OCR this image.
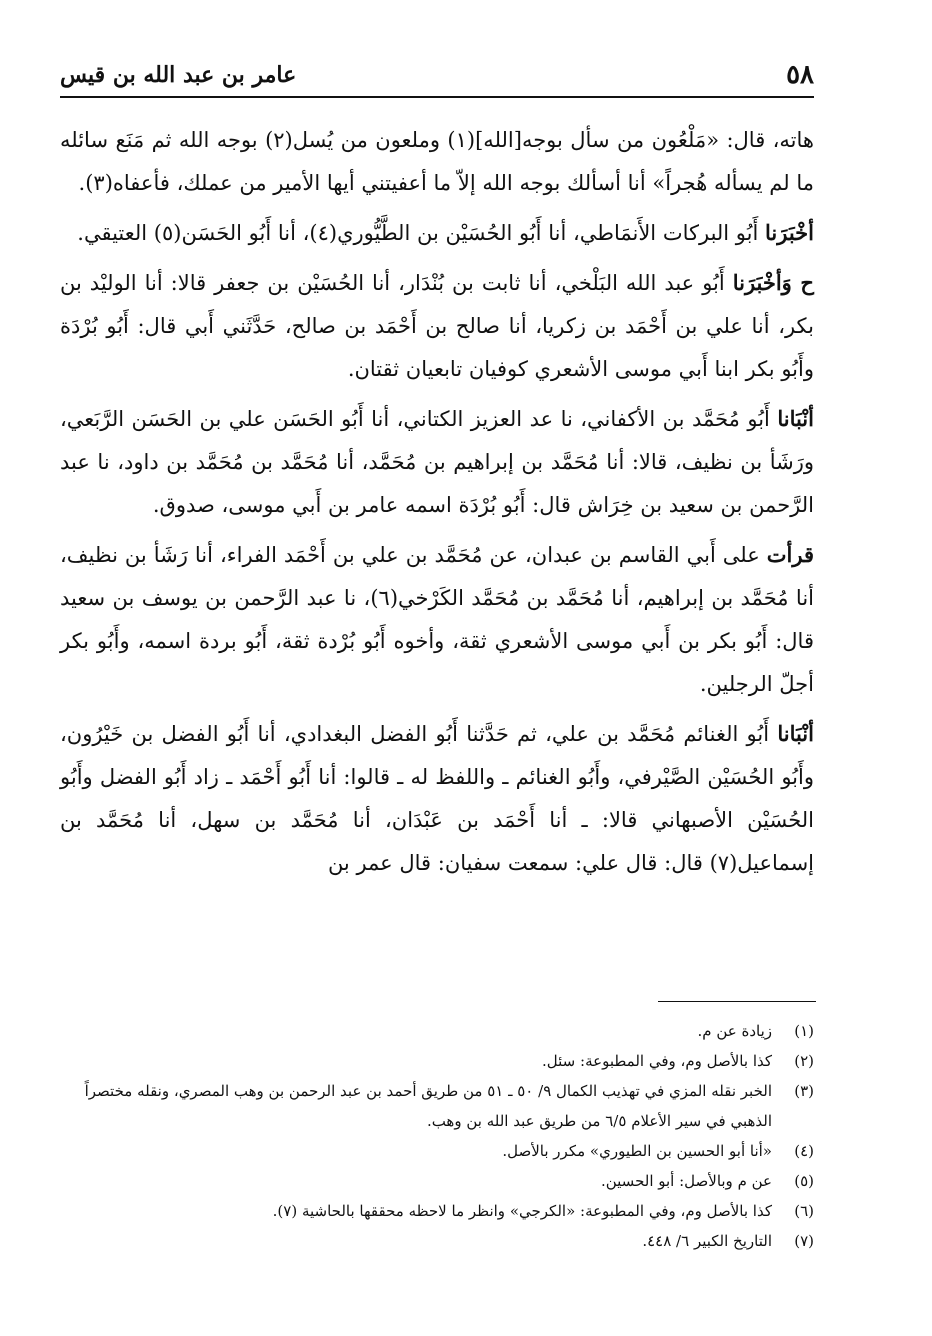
٥٨
عامر بن عبد الله بن قيس

هاته، قال: «مَلْعُون من سأل بوجه[الله](١) وملعون من يُسل(٢) بوجه الله ثم مَنَع سائله ما لم يسأله هُجراً» أنا أسألك بوجه الله إلاّ ما أعفيتني أيها الأمير من عملك، فأعفاه(٣).

أخْبَرَنا أَبُو البركات الأَنمَاطي، أنا أَبُو الحُسَيْن بن الطَّيُّوري(٤)، أنا أَبُو الحَسَن(٥) العتيقي.

ح وَأخْبَرَنا أَبُو عبد الله البَلْخي، أنا ثابت بن بُنْدَار، أنا الحُسَيْن بن جعفر قالا: أنا الوليْد بن بكر، أنا علي بن أَحْمَد بن زكريا، أنا صالح بن أَحْمَد بن صالح، حَدَّثَني أَبي قال: أَبُو بُرْدَة وأَبُو بكر ابنا أَبي موسى الأشعري كوفيان تابعيان ثقتان.

أنْبَانا أَبُو مُحَمَّد بن الأكفاني، نا عد العزيز الكتاني، أنا أَبُو الحَسَن علي بن الحَسَن الرَّبَعي، ورَشَأ بن نظيف، قالا: أنا مُحَمَّد بن إبراهيم بن مُحَمَّد، أنا مُحَمَّد بن مُحَمَّد بن داود، نا عبد الرَّحمن بن سعيد بن خِرَاش قال: أَبُو بُرْدَة اسمه عامر بن أَبي موسى، صدوق.

قرأت على أَبي القاسم بن عبدان، عن مُحَمَّد بن علي بن أَحْمَد الفراء، أنا رَشَأ بن نظيف، أنا مُحَمَّد بن إبراهيم، أنا مُحَمَّد بن مُحَمَّد الكَرْخي(٦)، نا عبد الرَّحمن بن يوسف بن سعيد قال: أَبُو بكر بن أَبي موسى الأشعري ثقة، وأخوه أَبُو بُرْدة ثقة، أَبُو بردة اسمه، وأَبُو بكر أجلّ الرجلين.

أنْبَانا أَبُو الغنائم مُحَمَّد بن علي، ثم حَدَّثنا أَبُو الفضل البغدادي، أنا أَبُو الفضل بن خَيْرُون، وأَبُو الحُسَيْن الصَّيْرفي، وأَبُو الغنائم ـ واللفظ له ـ قالوا: أنا أَبُو أَحْمَد ـ زاد أَبُو الفضل وأَبُو الحُسَيْن الأصبهاني قالا: ـ أنا أَحْمَد بن عَبْدَان، أنا مُحَمَّد بن سهل، أنا مُحَمَّد بن إسماعيل(٧) قال: قال علي: سمعت سفيان: قال عمر بن

(١)
زيادة عن م.
(٢)
كذا بالأصل وم، وفي المطبوعة: سئل.
(٣)
الخبر نقله المزي في تهذيب الكمال ٩/ ٥٠ ـ ٥١ من طريق أحمد بن عبد الرحمن بن وهب المصري، ونقله مختصراً الذهبي في سير الأعلام ٦/٥ من طريق عبد الله بن وهب.
(٤)
«أنا أبو الحسين بن الطيوري» مكرر بالأصل.
(٥)
عن م وبالأصل: أبو الحسين.
(٦)
كذا بالأصل وم، وفي المطبوعة: «الكرجي» وانظر ما لاحظه محققها بالحاشية (٧).
(٧)
التاريخ الكبير ٦/ ٤٤٨.
